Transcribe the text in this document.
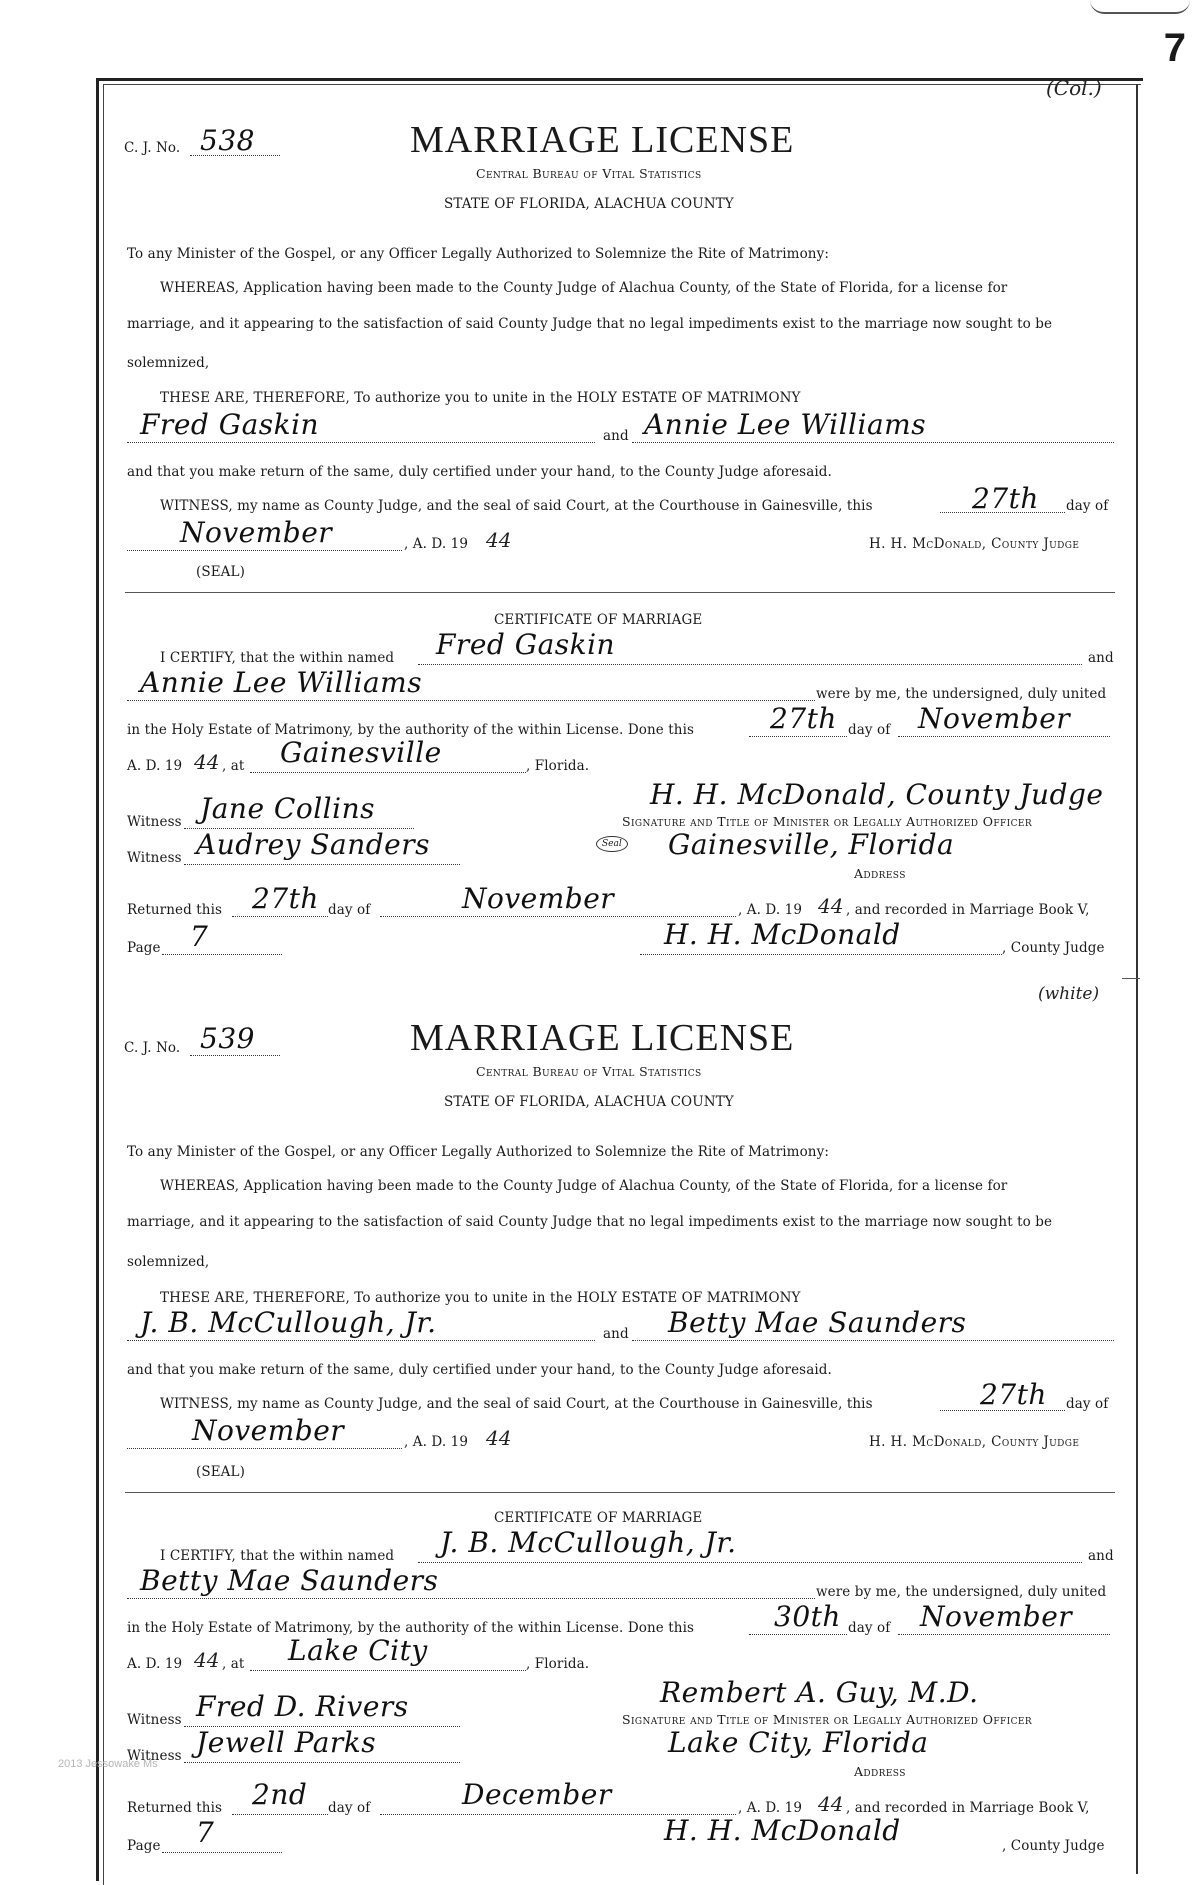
7
(Col.)
C. J. No. 538	MARRIAGE LICENSE
Central Bureau of Vital Statistics
STATE OF FLORIDA, ALACHUA COUNTY
To any Minister of the Gospel, or any Officer Legally Authorized to Solemnize the Rite of Matrimony:
WHEREAS, Application having been made to the County Judge of Alachua County, of the State of Florida, for a license for
marriage, and it appearing to the satisfaction of said County Judge that no legal impediments exist to the marriage now sought to be
solemnized,
THESE ARE, THEREFORE, To authorize you to unite in the HOLY ESTATE OF MATRIMONY
Fred Gaskin	and Annie Lee Williams
and that you make return of the same, duly certified under your hand, to the County Judge aforesaid.
WITNESS, my name as County Judge, and the seal of said Court, at the Courthouse in Gainesville, this	27th day of
November	, A. D. 19 44	H. H. McDonald, County Judge
(SEAL)
CERTIFICATE OF MARRIAGE
I CERTIFY, that the within named Fred Gaskin	and
Annie Lee Williams	were by me, the undersigned, duly united
in the Holy Estate of Matrimony, by the authority of the within License. Done this	27th day of November
A. D. 19 44 , at Gainesville	, Florida.
H. H. McDonald, County Judge
Witness Jane Collins	Signature and Title of Minister or Legally Authorized Officer
Witness Audrey Sanders	Seal Gainesville, Florida
Address
Returned this 27th day of	November	, A. D. 19 44 , and recorded in Marriage Book V,
Page 7	H. H. McDonald	, County Judge
(white)
C. J. No. 539	MARRIAGE LICENSE
Central Bureau of Vital Statistics
STATE OF FLORIDA, ALACHUA COUNTY
To any Minister of the Gospel, or any Officer Legally Authorized to Solemnize the Rite of Matrimony:
WHEREAS, Application having been made to the County Judge of Alachua County, of the State of Florida, for a license for
marriage, and it appearing to the satisfaction of said County Judge that no legal impediments exist to the marriage now sought to be
solemnized,
THESE ARE, THEREFORE, To authorize you to unite in the HOLY ESTATE OF MATRIMONY
J. B. McCullough, Jr.	and Betty Mae Saunders
and that you make return of the same, duly certified under your hand, to the County Judge aforesaid.
WITNESS, my name as County Judge, and the seal of said Court, at the Courthouse in Gainesville, this	27th day of
November	, A. D. 19 44	H. H. McDonald, County Judge
(SEAL)
CERTIFICATE OF MARRIAGE
I CERTIFY, that the within named J. B. McCullough, Jr.	and
Betty Mae Saunders	were by me, the undersigned, duly united
in the Holy Estate of Matrimony, by the authority of the within License. Done this	30th day of November
A. D. 19 44 , at Lake City	, Florida.
Rembert A. Guy, M.D.
Witness Fred D. Rivers	Signature and Title of Minister or Legally Authorized Officer
Witness Jewell Parks	Lake City, Florida
Address
Returned this 2nd day of	December	, A. D. 19 44 , and recorded in Marriage Book V,
Page 7	H. H. McDonald	, County Judge
2013 Jessowake Ms
